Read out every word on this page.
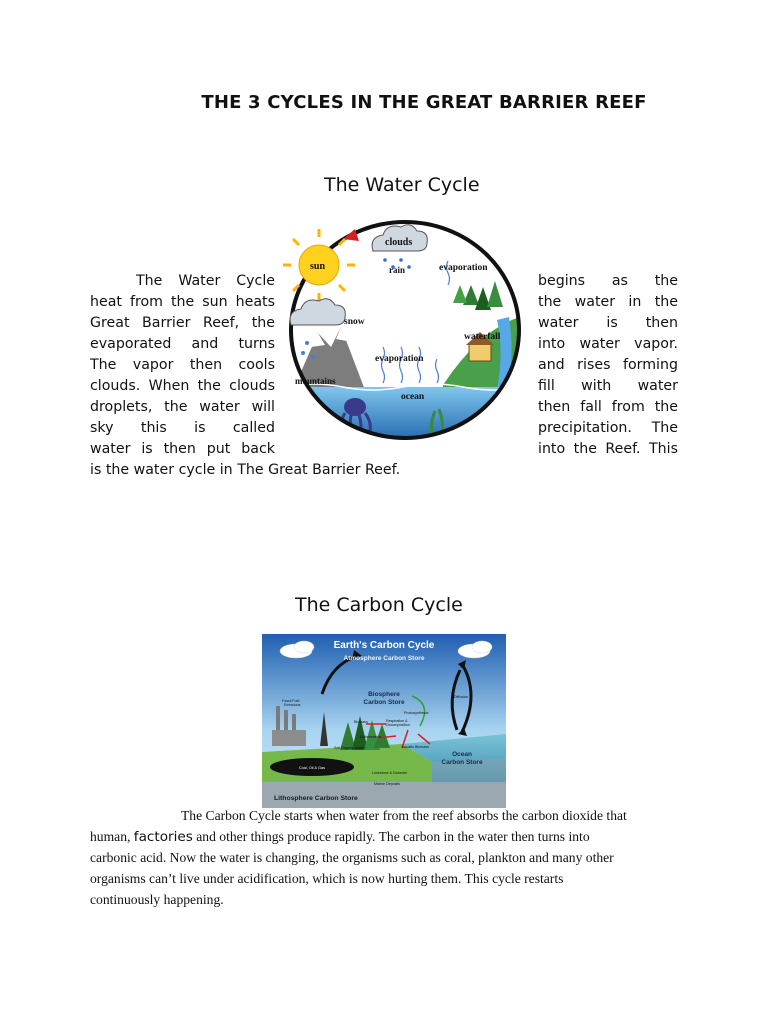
THE 3 CYCLES IN THE GREAT BARRIER REEF
The Water Cycle
The Water Cycle
heat from the sun heats
Great Barrier Reef, the
evaporated and turns
The vapor then cools
clouds. When the clouds
droplets, the water will
sky this is called
water is then put back
begins as the
the water in the
water is then
into water vapor.
and rises forming
fill with water
then fall from the
precipitation. The
into the Reef. This
is the water cycle in The Great Barrier Reef.
sun
clouds
rain	evaporation
snow
waterfall
evaporation
mountains
ocean
The Carbon Cycle
Earth's Carbon Cycle
Atmosphere Carbon Store
Biosphere
Carbon Store
Ocean
Carbon Store
Lithosphere Carbon Store
Photosynthesis
Fossil Fuel
Emissions
Respiration &
Decomposition
Biomass
Deforestation
Soil Organic Matter	Aquatic Biomass
Diffusion
Limestone & Dolomite
Marine Deposits
Coal, Oil & Gas
The Carbon Cycle starts when water from the reef absorbs the carbon dioxide that
human, factories and other things produce rapidly. The carbon in the water then turns into
carbonic acid. Now the water is changing, the organisms such as coral, plankton and many other
organisms can’t live under acidification, which is now hurting them. This cycle restarts
continuously happening.
